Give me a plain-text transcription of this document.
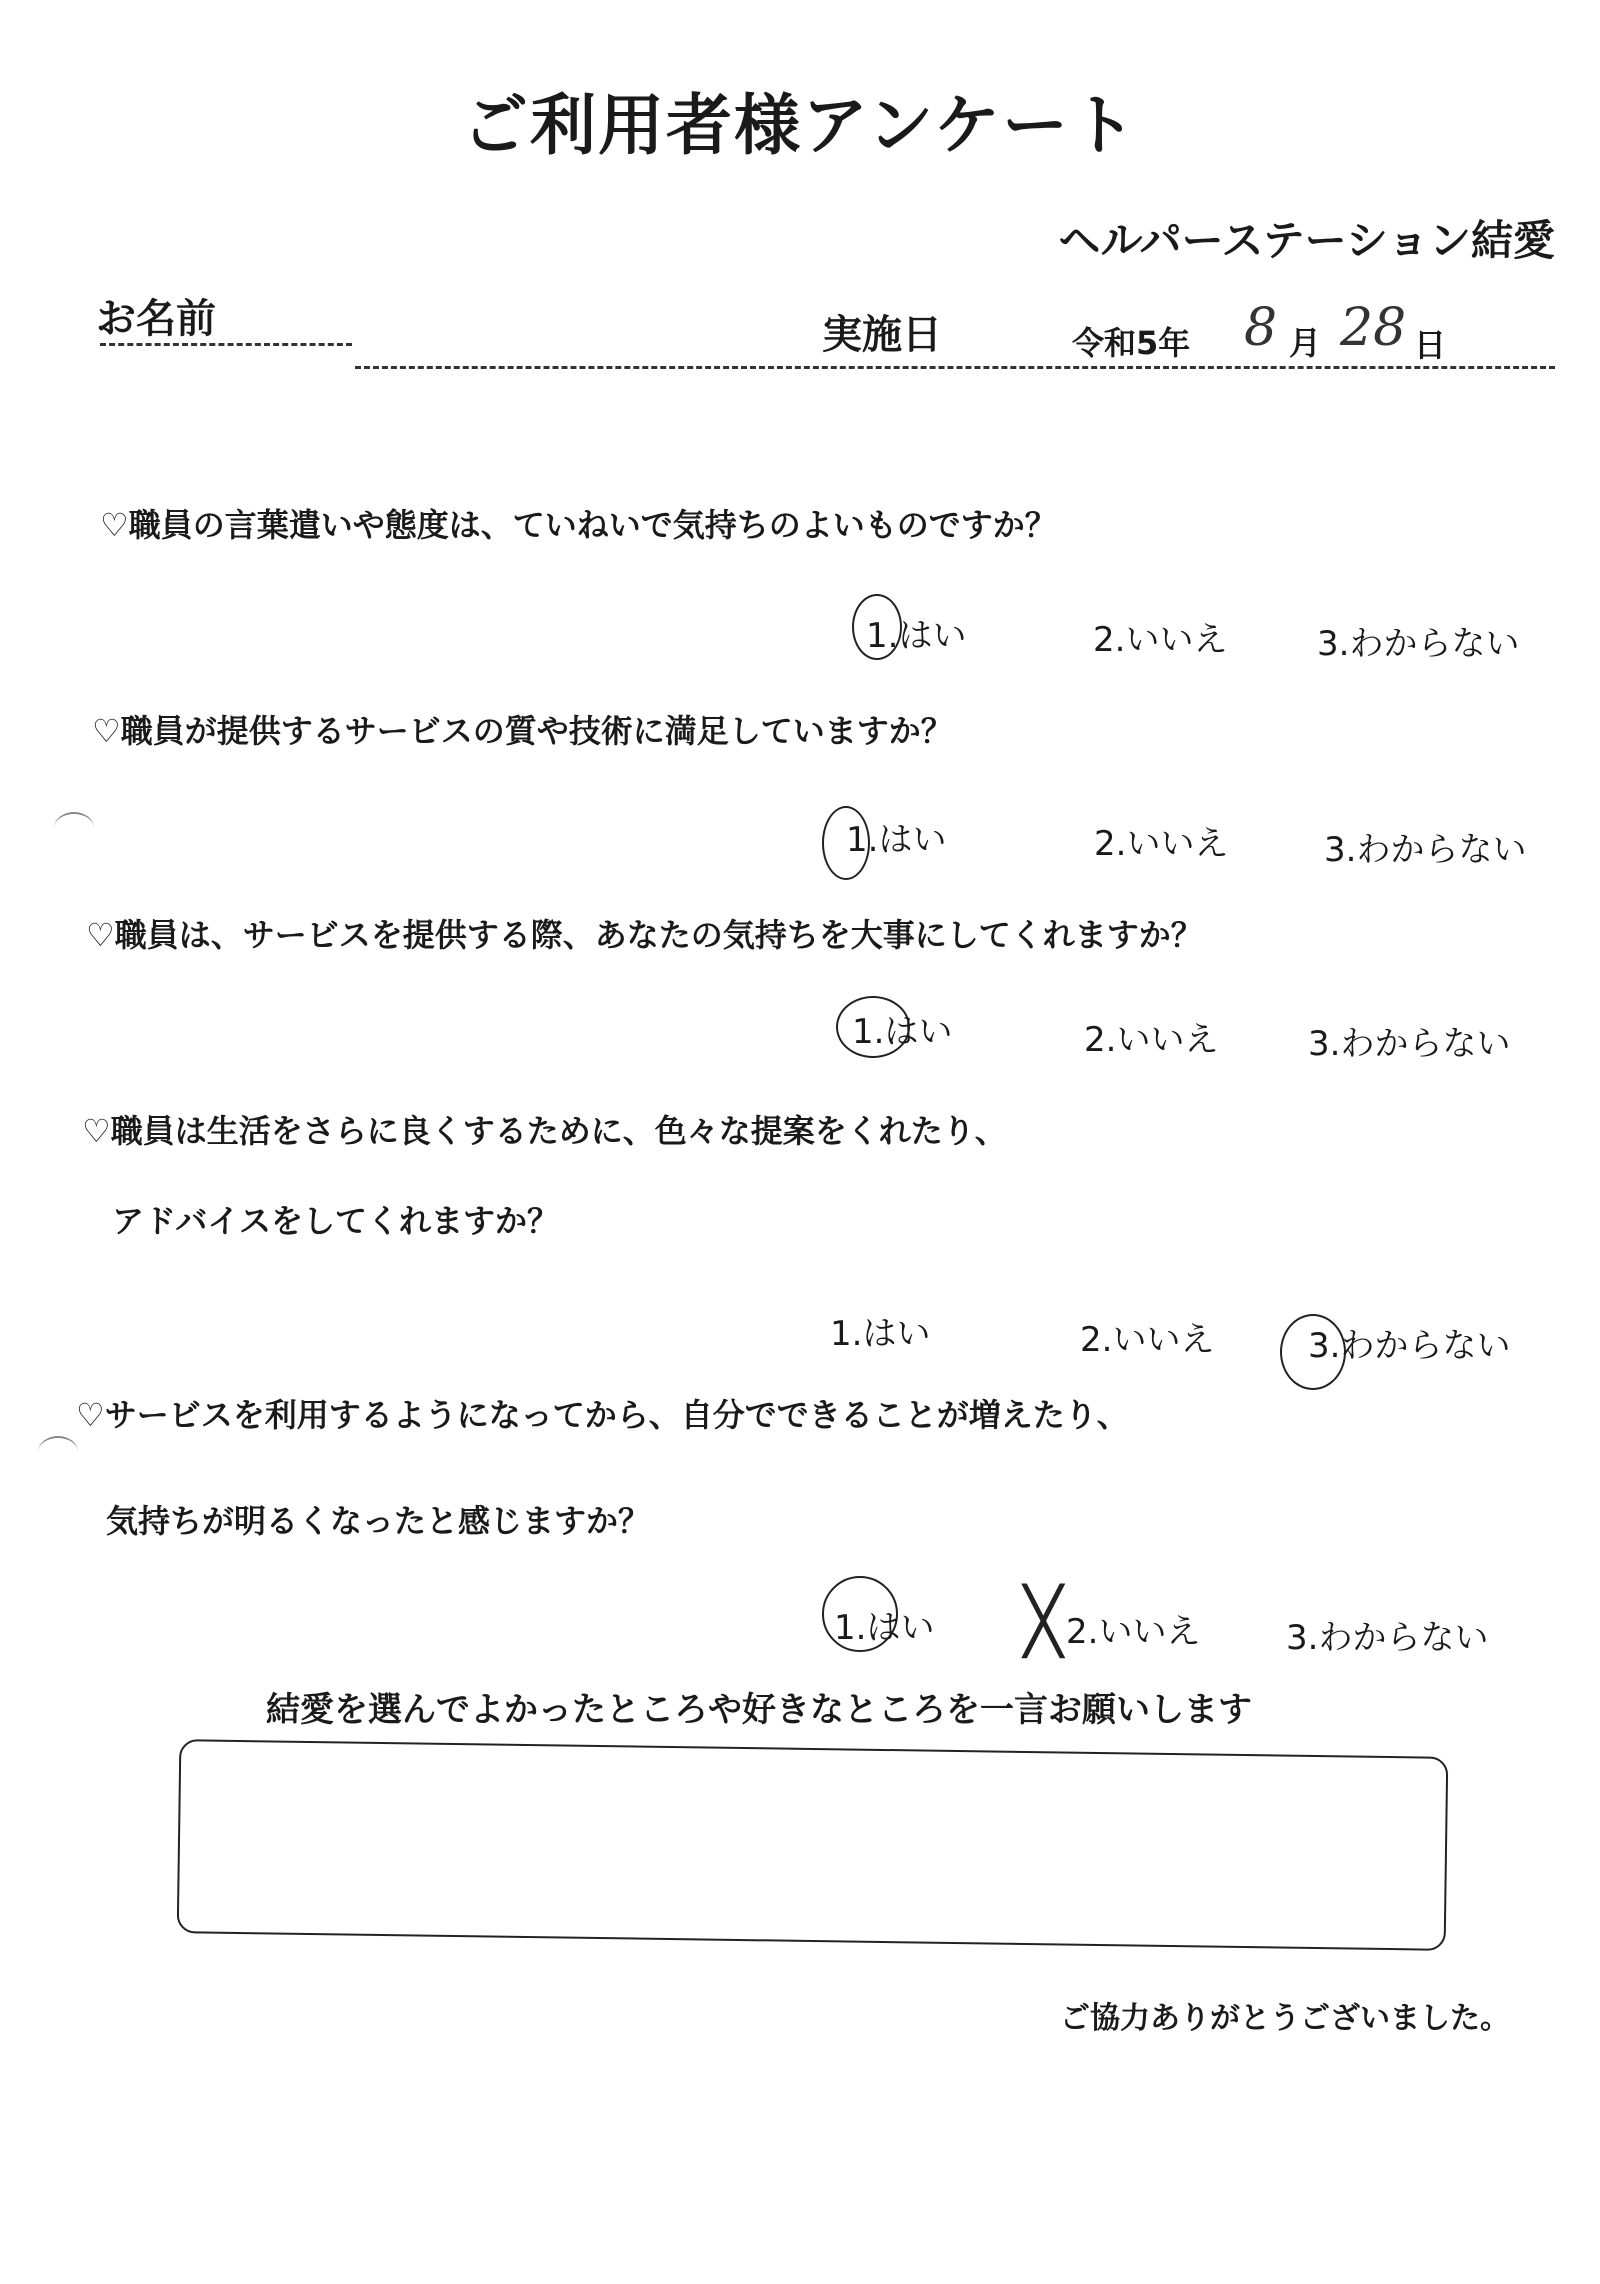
ご利用者様アンケート
ヘルパーステーション結愛
お名前	実施日	令和5年 8 月 28 日
♡職員の言葉遣いや態度は、ていねいで気持ちのよいものですか？
1.はい	2.いいえ	3.わからない
♡職員が提供するサービスの質や技術に満足していますか？
1.はい	2.いいえ	3.わからない
♡職員は、サービスを提供する際、あなたの気持ちを大事にしてくれますか？
1.はい	2.いいえ	3.わからない
♡職員は生活をさらに良くするために、色々な提案をくれたり、
アドバイスをしてくれますか？
1.はい	2.いいえ	3.わからない
♡サービスを利用するようになってから、自分でできることが増えたり、
気持ちが明るくなったと感じますか？
1.はい	2.いいえ
╳	3.わからない
結愛を選んでよかったところや好きなところを一言お願いします
ご協力ありがとうございました。
